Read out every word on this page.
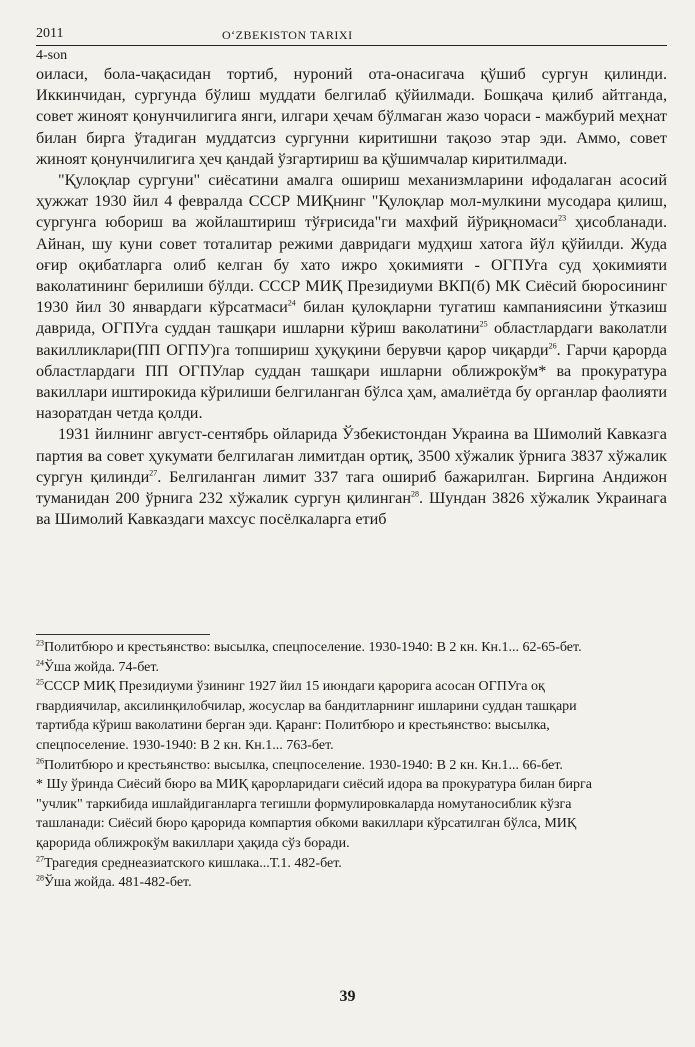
2011	O‘ZBEKISTON TARIXI
4-son

оиласи, бола-чақасидан тортиб, нуроний ота-онасигача қўшиб сургун қилинди. Иккинчидан, сургунда бўлиш муддати белгилаб қўйилмади. Бошқача қилиб айтганда, совет жиноят қонунчилигига янги, илгари ҳечам бўлмаган жазо чораси - мажбурий меҳнат билан бирга ўтадиган муддатсиз сургунни киритишни тақозо этар эди. Аммо, совет жиноят қонунчилигига ҳеч қандай ўзгартириш ва қўшимчалар киритилмади.

"Қулоқлар сургуни" сиёсатини амалга ошириш механизмларини ифодалаган асосий ҳужжат 1930 йил 4 февралда СССР МИҚнинг "Қулоқлар мол-мулкини мусодара қилиш, сургунга юбориш ва жойлаштириш тўғрисида"ги махфий йўриқномаси$^{23}$ ҳисобланади. Айнан, шу куни совет тоталитар режими давридаги мудҳиш хатога йўл қўйилди. Жуда оғир оқибатларга олиб келган бу хато ижро ҳокимияти - ОГПУга суд ҳокимияти ваколатининг берилиши бўлди. СССР МИҚ Президиуми ВКП(б) МК Сиёсий бюросининг 1930 йил 30 январдаги кўрсатмаси$^{24}$ билан қулоқларни тугатиш кампаниясини ўтказиш даврида, ОГПУга суддан ташқари ишларни кўриш ваколатини$^{25}$ областлардаги ваколатли вакилликлари(ПП ОГПУ)га топшириш ҳуқуқини берувчи қарор чиқарди$^{26}$. Гарчи қарорда областлардаги ПП ОГПУлар суддан ташқари ишларни оближрокўм* ва прокуратура вакиллари иштирокида кўрилиши белгиланган бўлса ҳам, амалиётда бу органлар фаолияти назоратдан четда қолди.

1931 йилнинг август-сентябрь ойларида Ўзбекистондан Украина ва Шимолий Кавказга партия ва совет ҳукумати белгилаган лимитдан ортиқ, 3500 хўжалик ўрнига 3837 хўжалик сургун қилинди$^{27}$. Белгиланган лимит 337 тага ошириб бажарилган. Биргина Андижон туманидан 200 ўрнига 232 хўжалик сургун қилинган$^{28}$. Шундан 3826 хўжалик Украинага ва Шимолий Кавказдаги махсус посёлкаларга етиб

$^{23}$Политбюро и крестьянство: высылка, спецпоселение. 1930-1940: В 2 кн. Кн.1... 62-65-бет.

$^{24}$Ўша жойда. 74-бет.

$^{25}$СССР МИҚ Президиуми ўзининг 1927 йил 15 июндаги қарорига асосан ОГПУга оқ гвардиячилар, аксилинқилобчилар, жосуслар ва бандитларнинг ишларини суддан ташқари тартибда кўриш ваколатини берган эди. Қаранг: Политбюро и крестьянство: высылка, спецпоселение. 1930-1940: В 2 кн. Кн.1... 763-бет.

$^{26}$Политбюро и крестьянство: высылка, спецпоселение. 1930-1940: В 2 кн. Кн.1... 66-бет.

* Шу ўринда Сиёсий бюро ва МИҚ қарорларидаги сиёсий идора ва прокуратура билан бирга "учлик" таркибида ишлайдиганларга тегишли формулировкаларда номутаносиблик кўзга ташланади: Сиёсий бюро қарорида компартия обкоми вакиллари кўрсатилган бўлса, МИҚ қарорида оближрокўм вакиллари ҳақида сўз боради.

$^{27}$Трагедия среднеазиатского кишлака...Т.1. 482-бет.

$^{28}$Ўша жойда. 481-482-бет.

39
